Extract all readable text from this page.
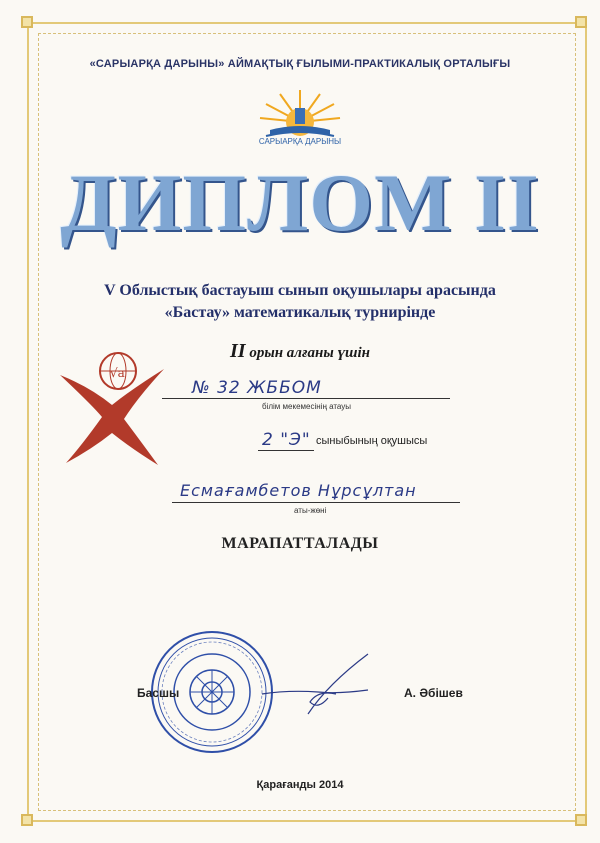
«САРЫАРҚА ДАРЫНЫ» АЙМАҚТЫҚ ҒЫЛЫМИ-ПРАКТИКАЛЫҚ ОРТАЛЫҒЫ
САРЫАРҚА ДАРЫНЫ
ДИПЛОМ II
V Облыстық бастауыш сынып оқушылары арасында
«Бастау» математикалық турнирінде
II орын алғаны үшін
√a
№ 32 ЖББОМ
білім мекемесінің атауы
2 "Э" сыныбының оқушысы
Есмағамбетов Нұрсұлтан
аты-жөні
МАРАПАТТАЛАДЫ
Басшы	А. Әбішев
Қарағанды 2014
